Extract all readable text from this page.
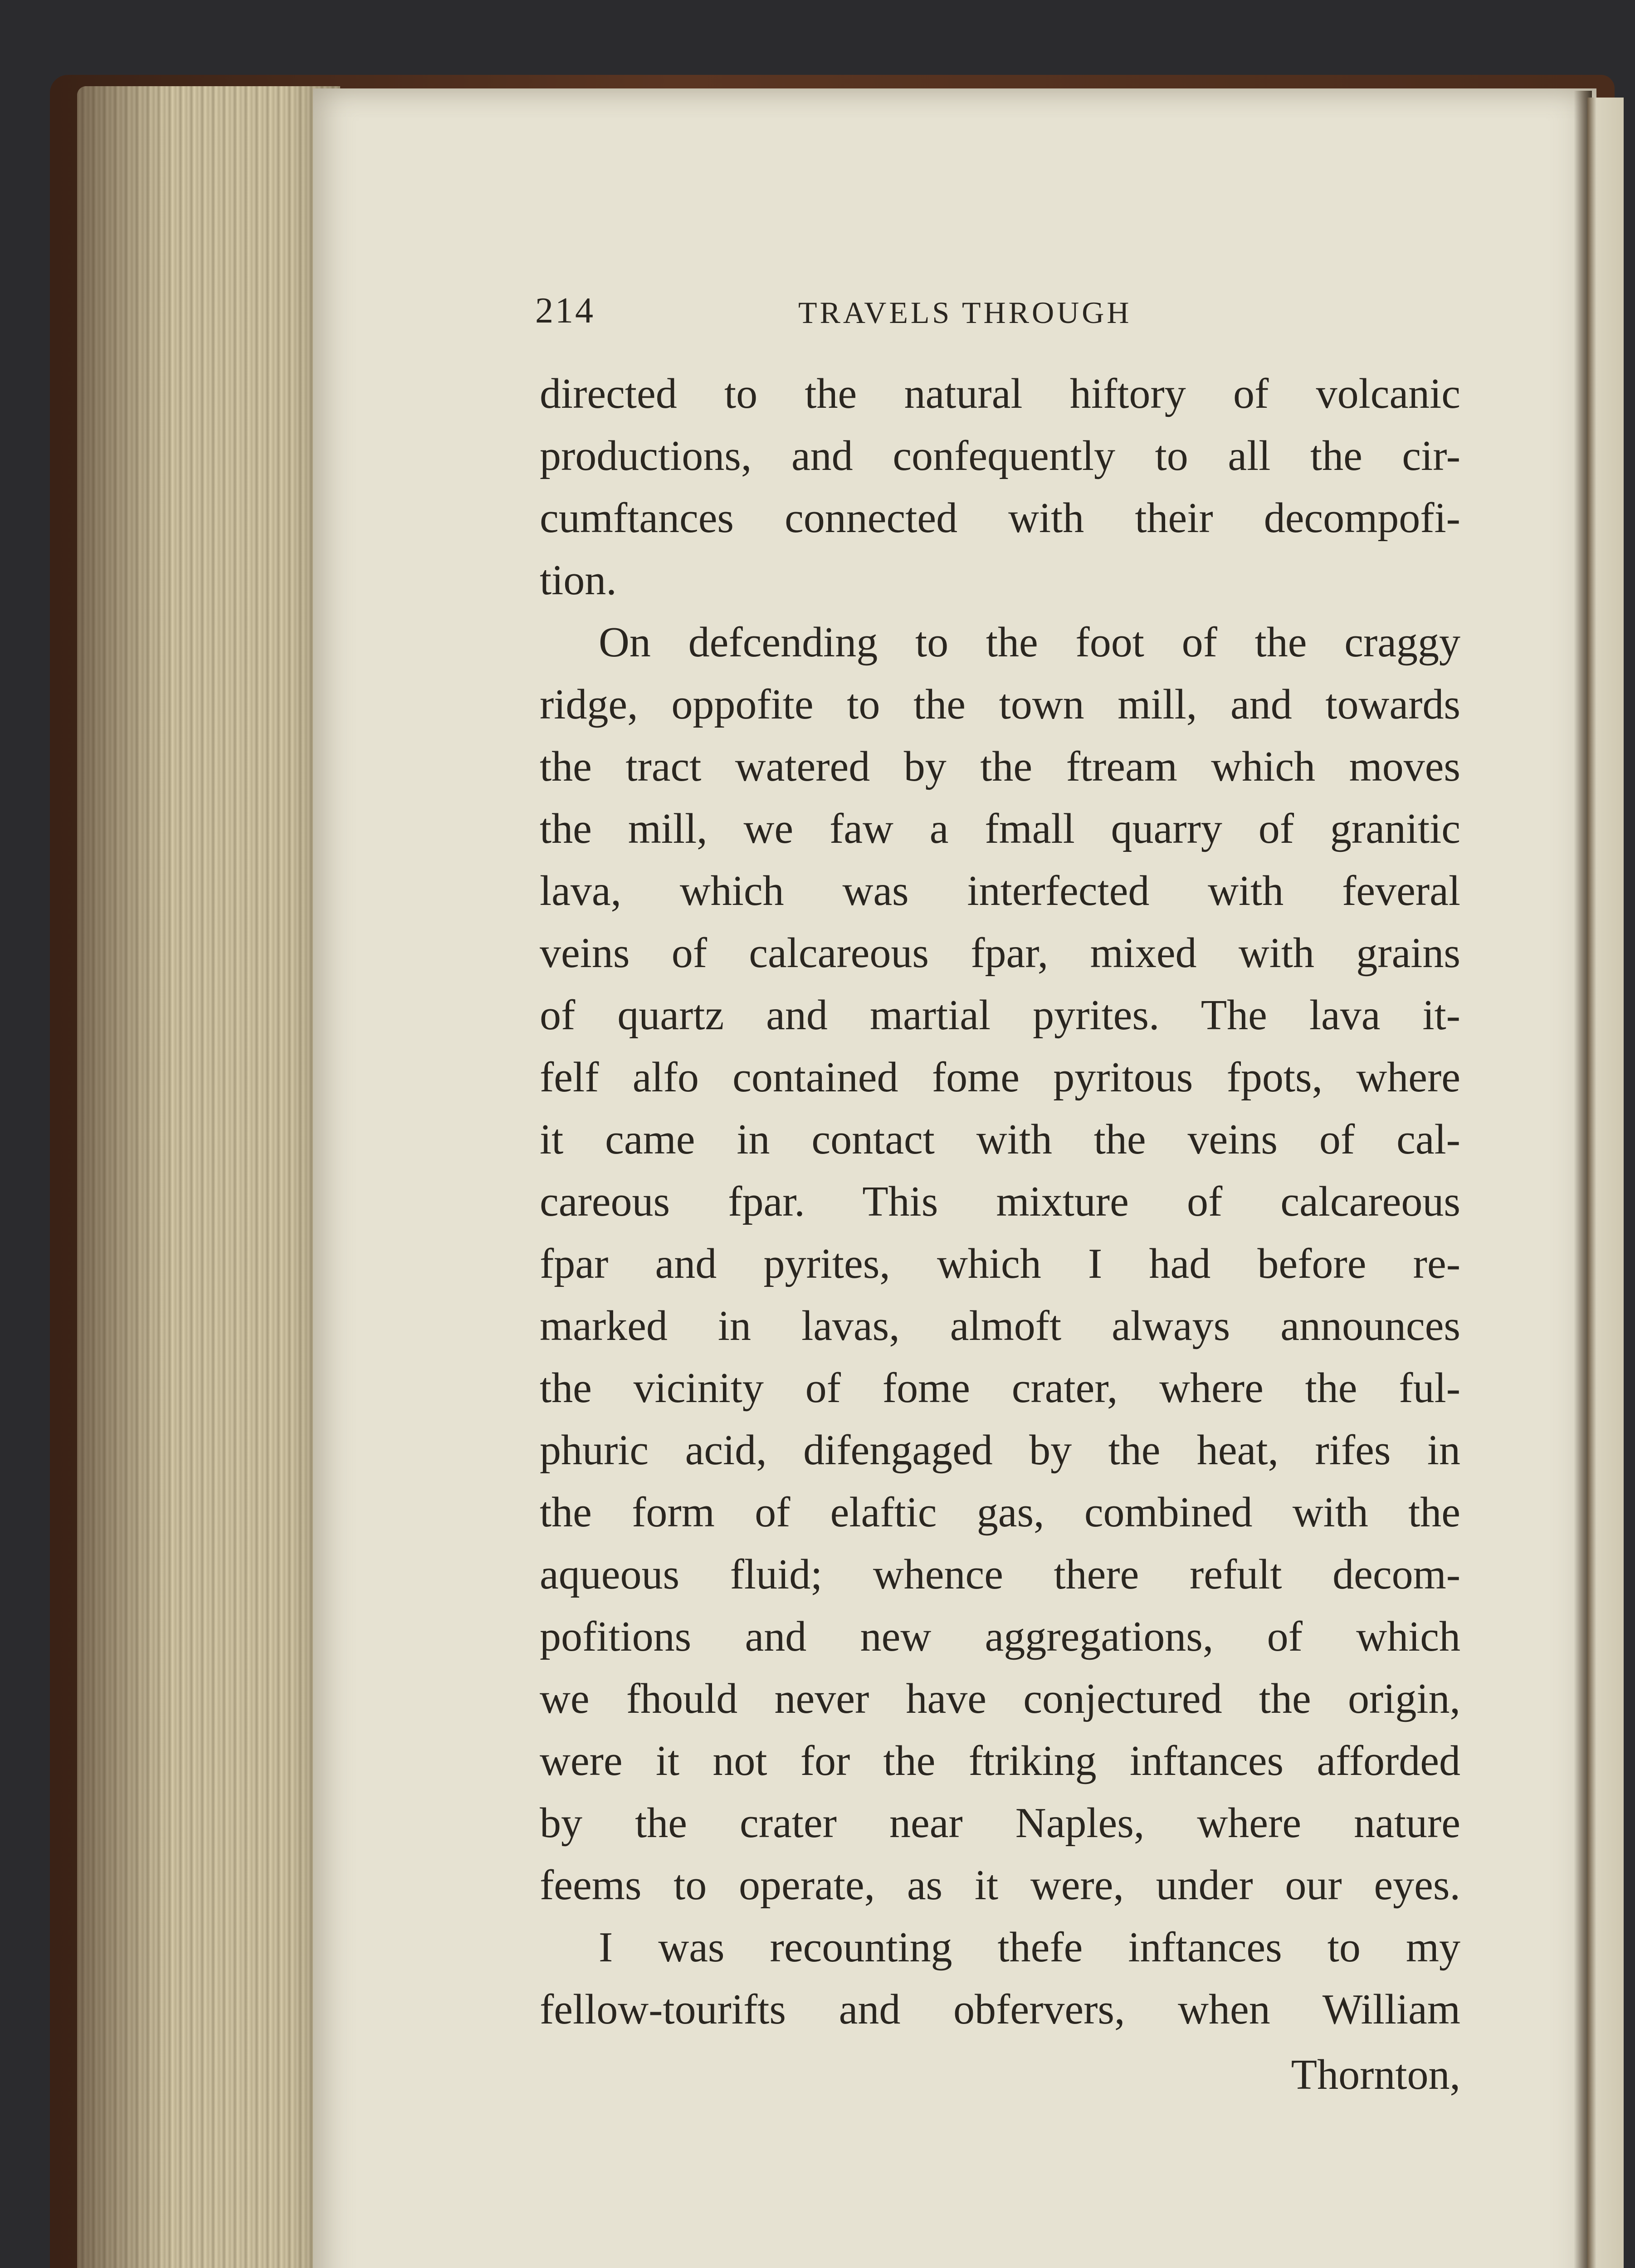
214	TRAVELS THROUGH
directed to the natural hiftory of volcanic
productions, and confequently to all the cir-
cumftances connected with their decompofi-
tion.
On defcending to the foot of the craggy
ridge, oppofite to the town mill, and towards
the tract watered by the ftream which moves
the mill, we faw a fmall quarry of granitic
lava, which was interfected with feveral
veins of calcareous fpar, mixed with grains
of quartz and martial pyrites. The lava it-
felf alfo contained fome pyritous fpots, where
it came in contact with the veins of cal-
careous fpar. This mixture of calcareous
fpar and pyrites, which I had before re-
marked in lavas, almoft always announces
the vicinity of fome crater, where the ful-
phuric acid, difengaged by the heat, rifes in
the form of elaftic gas, combined with the
aqueous fluid; whence there refult decom-
pofitions and new aggregations, of which
we fhould never have conjectured the origin,
were it not for the ftriking inftances afforded
by the crater near Naples, where nature
feems to operate, as it were, under our eyes.
I was recounting thefe inftances to my
fellow-tourifts and obfervers, when William
Thornton,
